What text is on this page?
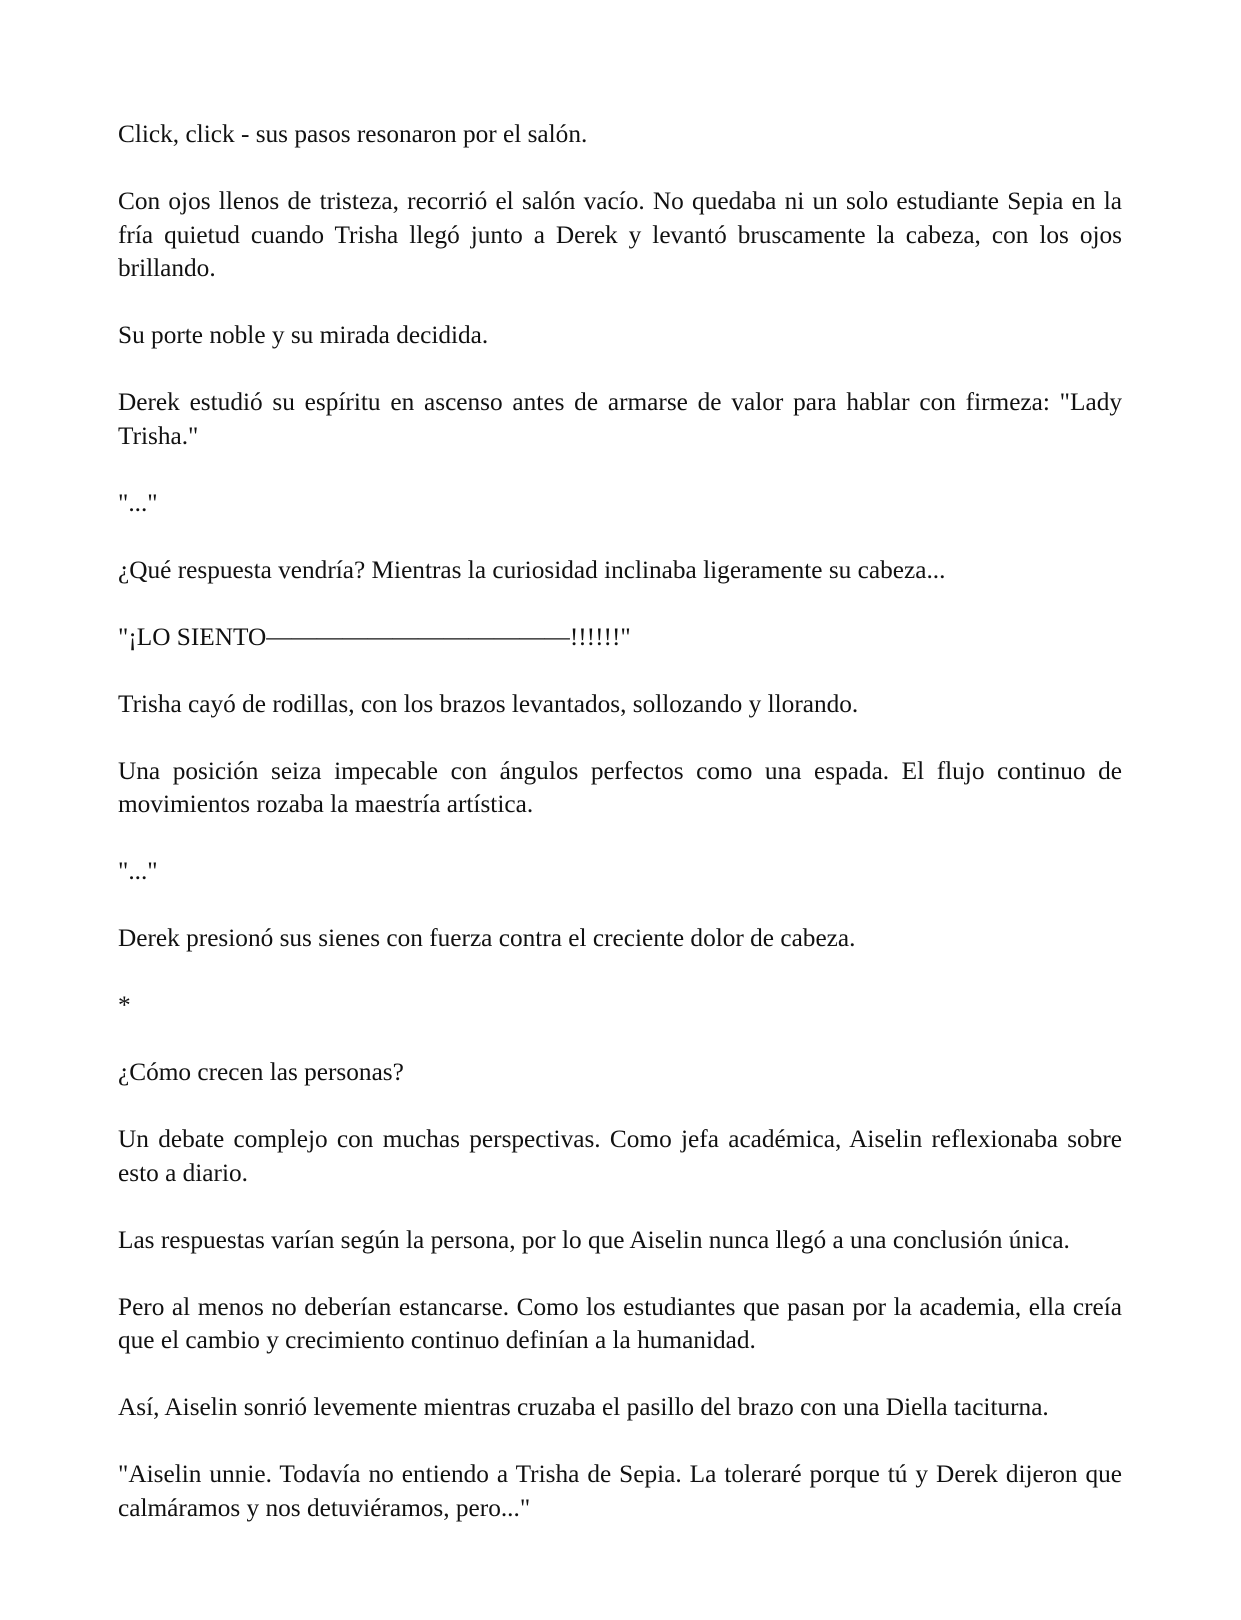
Click, click - sus pasos resonaron por el salón.

Con ojos llenos de tristeza, recorrió el salón vacío. No quedaba ni un solo estudiante Sepia en la fría quietud cuando Trisha llegó junto a Derek y levantó bruscamente la cabeza, con los ojos brillando.

Su porte noble y su mirada decidida.

Derek estudió su espíritu en ascenso antes de armarse de valor para hablar con firmeza: "Lady Trisha."

"..."

¿Qué respuesta vendría? Mientras la curiosidad inclinaba ligeramente su cabeza...

"¡LO SIENTO————————————!!!!!!"

Trisha cayó de rodillas, con los brazos levantados, sollozando y llorando.

Una posición seiza impecable con ángulos perfectos como una espada. El flujo continuo de movimientos rozaba la maestría artística.

"..."

Derek presionó sus sienes con fuerza contra el creciente dolor de cabeza.

*

¿Cómo crecen las personas?

Un debate complejo con muchas perspectivas. Como jefa académica, Aiselin reflexionaba sobre esto a diario.

Las respuestas varían según la persona, por lo que Aiselin nunca llegó a una conclusión única.

Pero al menos no deberían estancarse. Como los estudiantes que pasan por la academia, ella creía que el cambio y crecimiento continuo definían a la humanidad.

Así, Aiselin sonrió levemente mientras cruzaba el pasillo del brazo con una Diella taciturna.

"Aiselin unnie. Todavía no entiendo a Trisha de Sepia. La toleraré porque tú y Derek dijeron que calmáramos y nos detuviéramos, pero..."
